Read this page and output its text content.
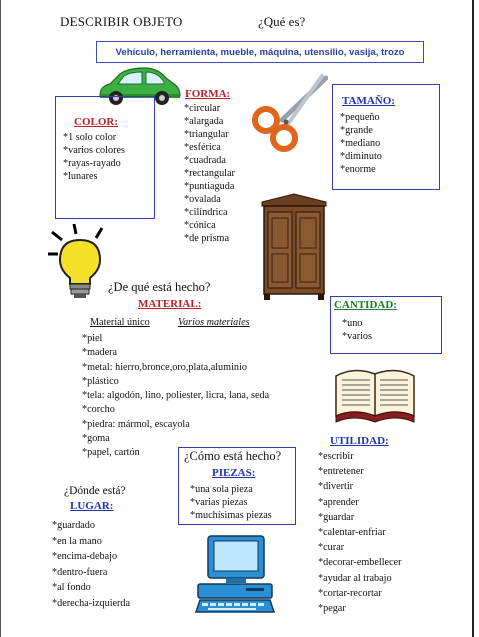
DESCRIBIR OBJETO	¿Qué es?
Vehículo, herramienta, mueble, máquina, utensilio, vasija, trozo
COLOR:
*1 solo color
*varios colores
*rayas-rayado
*lunares
FORMA:
*circular
*alargada
*triangular
*esférica
*cuadrada
*rectangular
*puntiaguda
*ovalada
*cilíndrica
*cónica
*de prisma
TAMAÑO:
*pequeño
*grande
*mediano
*diminuto
*enorme
¿De qué está hecho?
MATERIAL:
Material único	Varios materiales
*piel
*madera
*metal: hierro,bronce,oro,plata,aluminio
*plástico
*tela: algodón, lino, poliester, licra, lana, seda
*corcho
*piedra: mármol, escayola
*goma
*papel, cartón
CANTIDAD:
*uno
*varios
UTILIDAD:
*escribir
*entretener
*divertir
*aprender
*guardar
*calentar-enfriar
*curar
*decorar-embellecer
*ayudar al trabajo
*cortar-recortar
*pegar
¿Cómo está hecho?
PIEZAS:
*una sola pieza
*varias piezas
*muchísimas piezas
¿Dónde está?
LUGAR:
*guardado
*en la mano
*encima-debajo
*dentro-fuera
*al fondo
*derecha-izquierda
